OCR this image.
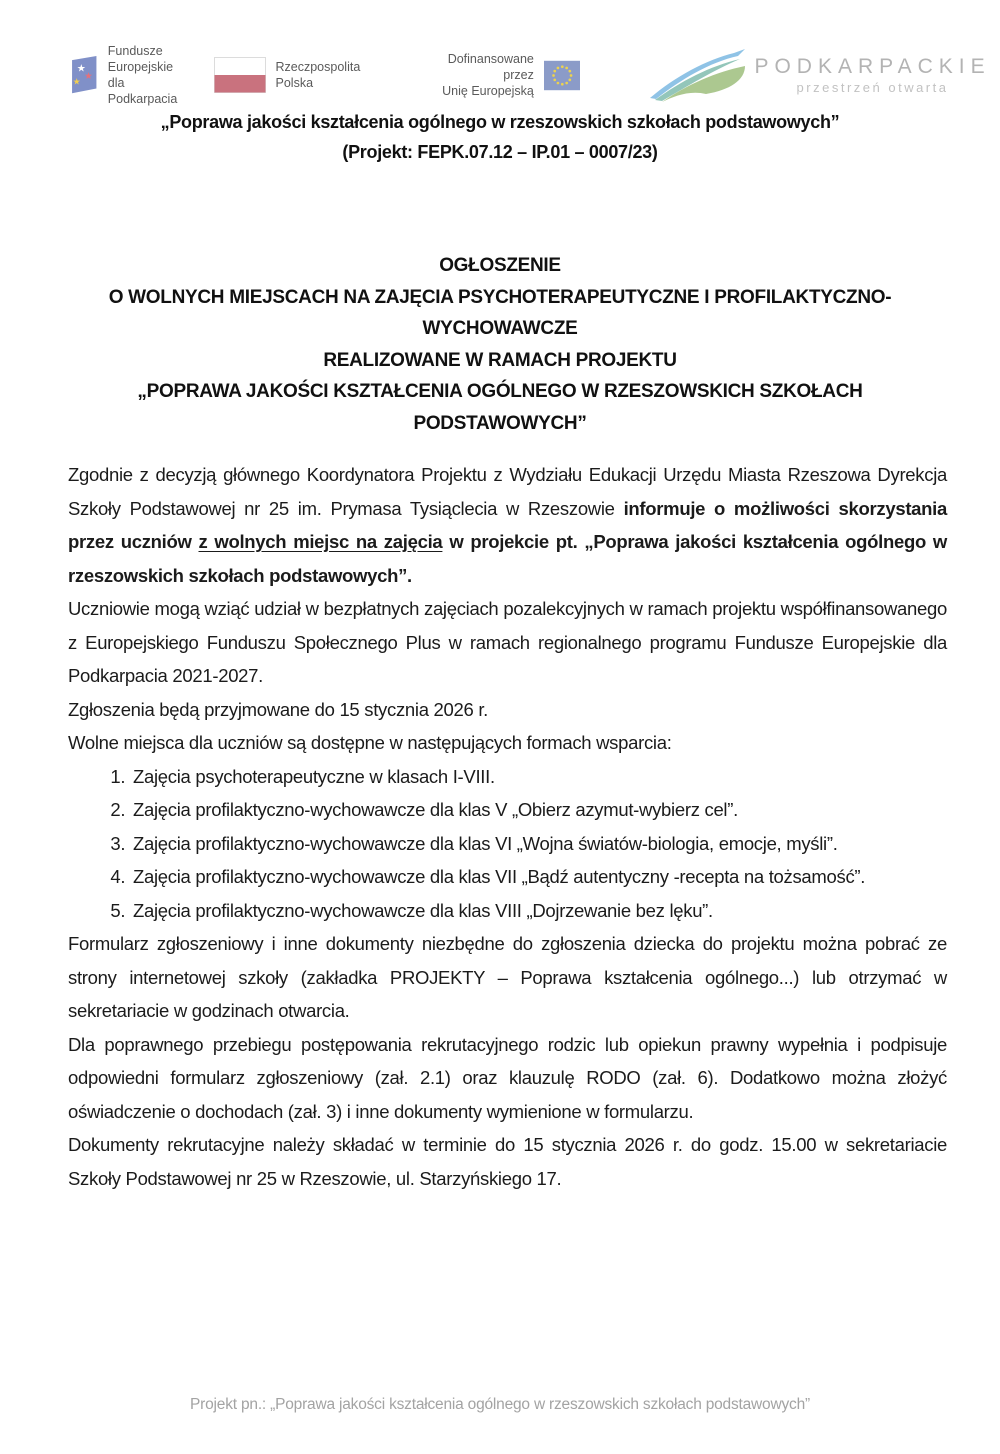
★
★
★
Fundusze Europejskie
dla Podkarpacia
Rzeczpospolita
Polska
Dofinansowane przez
Unię Europejską
PODKARPACKIE
przestrzeń otwarta
„Poprawa jakości kształcenia ogólnego w rzeszowskich szkołach podstawowych”
(Projekt: FEPK.07.12 – IP.01 – 0007/23)
OGŁOSZENIE
O WOLNYCH MIEJSCACH NA ZAJĘCIA PSYCHOTERAPEUTYCZNE I PROFILAKTYCZNO-
WYCHOWAWCZE
REALIZOWANE W RAMACH PROJEKTU
„POPRAWA JAKOŚCI KSZTAŁCENIA OGÓLNEGO W RZESZOWSKICH SZKOŁACH
PODSTAWOWYCH”

Zgodnie z decyzją głównego Koordynatora Projektu z Wydziału Edukacji Urzędu Miasta Rzeszowa Dyrekcja Szkoły Podstawowej nr 25 im. Prymasa Tysiąclecia w Rzeszowie informuje o możliwości skorzystania przez uczniów z wolnych miejsc na zajęcia w projekcie pt. „Poprawa jakości kształcenia ogólnego w rzeszowskich szkołach podstawowych”.

Uczniowie mogą wziąć udział w bezpłatnych zajęciach pozalekcyjnych w ramach projektu współfinansowanego z Europejskiego Funduszu Społecznego Plus w ramach regionalnego programu Fundusze Europejskie dla Podkarpacia 2021-2027.

Zgłoszenia będą przyjmowane do 15 stycznia 2026 r.

Wolne miejsca dla uczniów są dostępne w następujących formach wsparcia:

1. Zajęcia psychoterapeutyczne w klasach I-VIII.
2. Zajęcia profilaktyczno-wychowawcze dla klas V „Obierz azymut-wybierz cel”.
3. Zajęcia profilaktyczno-wychowawcze dla klas VI „Wojna światów-biologia, emocje, myśli”.
4. Zajęcia profilaktyczno-wychowawcze dla klas VII „Bądź autentyczny -recepta na tożsamość”.
5. Zajęcia profilaktyczno-wychowawcze dla klas VIII „Dojrzewanie bez lęku”.

Formularz zgłoszeniowy i inne dokumenty niezbędne do zgłoszenia dziecka do projektu można pobrać ze strony internetowej szkoły (zakładka PROJEKTY – Poprawa kształcenia ogólnego...) lub otrzymać w sekretariacie w godzinach otwarcia.

Dla poprawnego przebiegu postępowania rekrutacyjnego rodzic lub opiekun prawny wypełnia i podpisuje odpowiedni formularz zgłoszeniowy (zał. 2.1) oraz klauzulę RODO (zał. 6). Dodatkowo można złożyć oświadczenie o dochodach (zał. 3) i inne dokumenty wymienione w formularzu.

Dokumenty rekrutacyjne należy składać w terminie do 15 stycznia 2026 r. do godz. 15.00 w sekretariacie Szkoły Podstawowej nr 25 w Rzeszowie, ul. Starzyńskiego 17.

Projekt pn.: „Poprawa jakości kształcenia ogólnego w rzeszowskich szkołach podstawowych”
